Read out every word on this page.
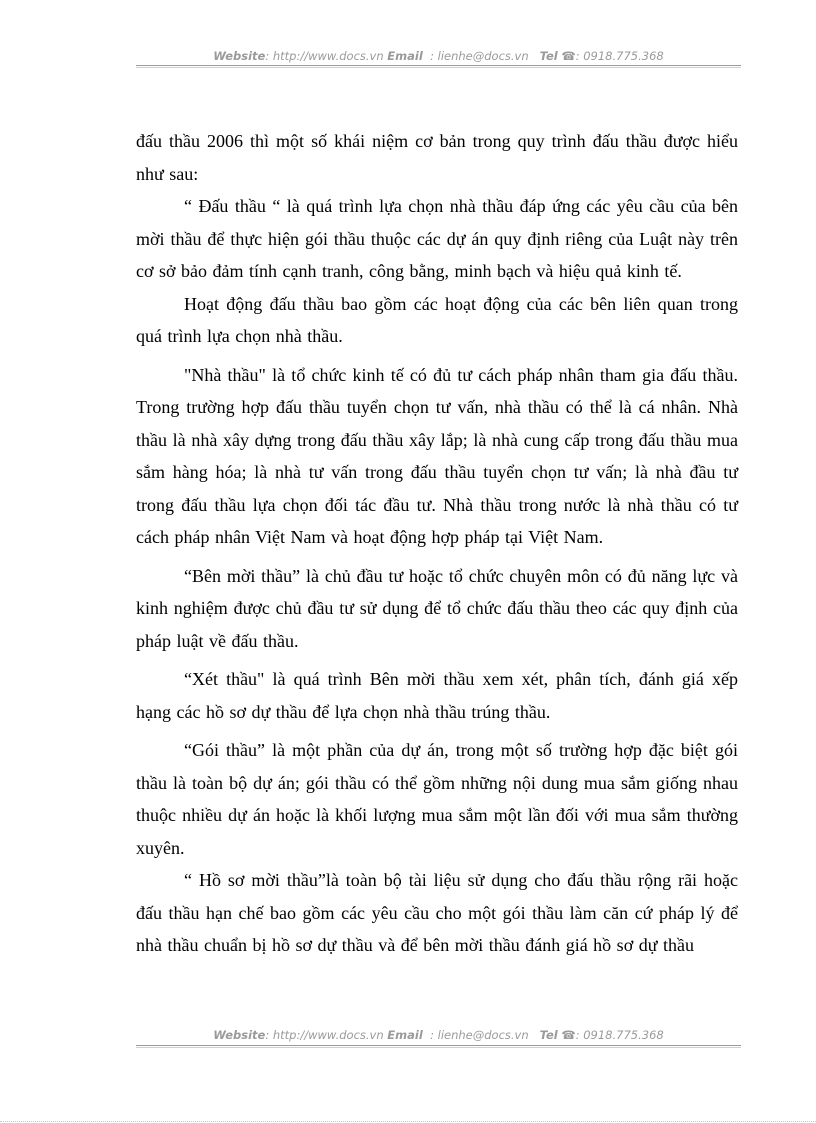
Website: http://www.docs.vn Email  : lienhe@docs.vn Tel ☎: 0918.775.368

đấu thầu 2006 thì một số khái niệm cơ bản trong quy trình đấu thầu được hiểu như sau:

“ Đấu thầu “ là quá trình lựa chọn nhà thầu đáp ứng các yêu cầu của bên mời thầu để thực hiện gói thầu thuộc các dự án quy định riêng của Luật này trên cơ sở bảo đảm tính cạnh tranh, công bằng, minh bạch và hiệu quả kinh tế.

Hoạt động đấu thầu bao gồm các hoạt động của các bên liên quan trong quá trình lựa chọn nhà thầu.

"Nhà thầu" là tổ chức kinh tế có đủ tư cách pháp nhân tham gia đấu thầu. Trong trường hợp đấu thầu tuyển chọn tư vấn, nhà thầu có thể là cá nhân. Nhà thầu là nhà xây dựng trong đấu thầu xây lắp; là nhà cung cấp trong đấu thầu mua sắm hàng hóa; là nhà tư vấn trong đấu thầu tuyển chọn tư vấn; là nhà đầu tư trong đấu thầu lựa chọn đối tác đầu tư. Nhà thầu trong nước là nhà thầu có tư cách pháp nhân Việt Nam và hoạt động hợp pháp tại Việt Nam.

“Bên mời thầu” là chủ đầu tư hoặc tổ chức chuyên môn có đủ năng lực và kinh nghiệm được chủ đầu tư sử dụng để tổ chức đấu thầu theo các quy định của pháp luật về đấu thầu.

“Xét thầu" là quá trình Bên mời thầu xem xét, phân tích, đánh giá xếp hạng các hồ sơ dự thầu để lựa chọn nhà thầu trúng thầu.

“Gói thầu” là một phần của dự án, trong một số trường hợp đặc biệt gói thầu là toàn bộ dự án; gói thầu có thể gồm những nội dung mua sắm giống nhau thuộc nhiều dự án hoặc là khối lượng mua sắm một lần đối với mua sắm thường xuyên.

“ Hồ sơ mời thầu”là toàn bộ tài liệu sử dụng cho đấu thầu rộng rãi hoặc đấu thầu hạn chế bao gồm các yêu cầu cho một gói thầu làm căn cứ pháp lý để nhà thầu chuẩn bị hồ sơ dự thầu và để bên mời thầu đánh giá hồ sơ dự thầu

Website: http://www.docs.vn Email  : lienhe@docs.vn Tel ☎: 0918.775.368
